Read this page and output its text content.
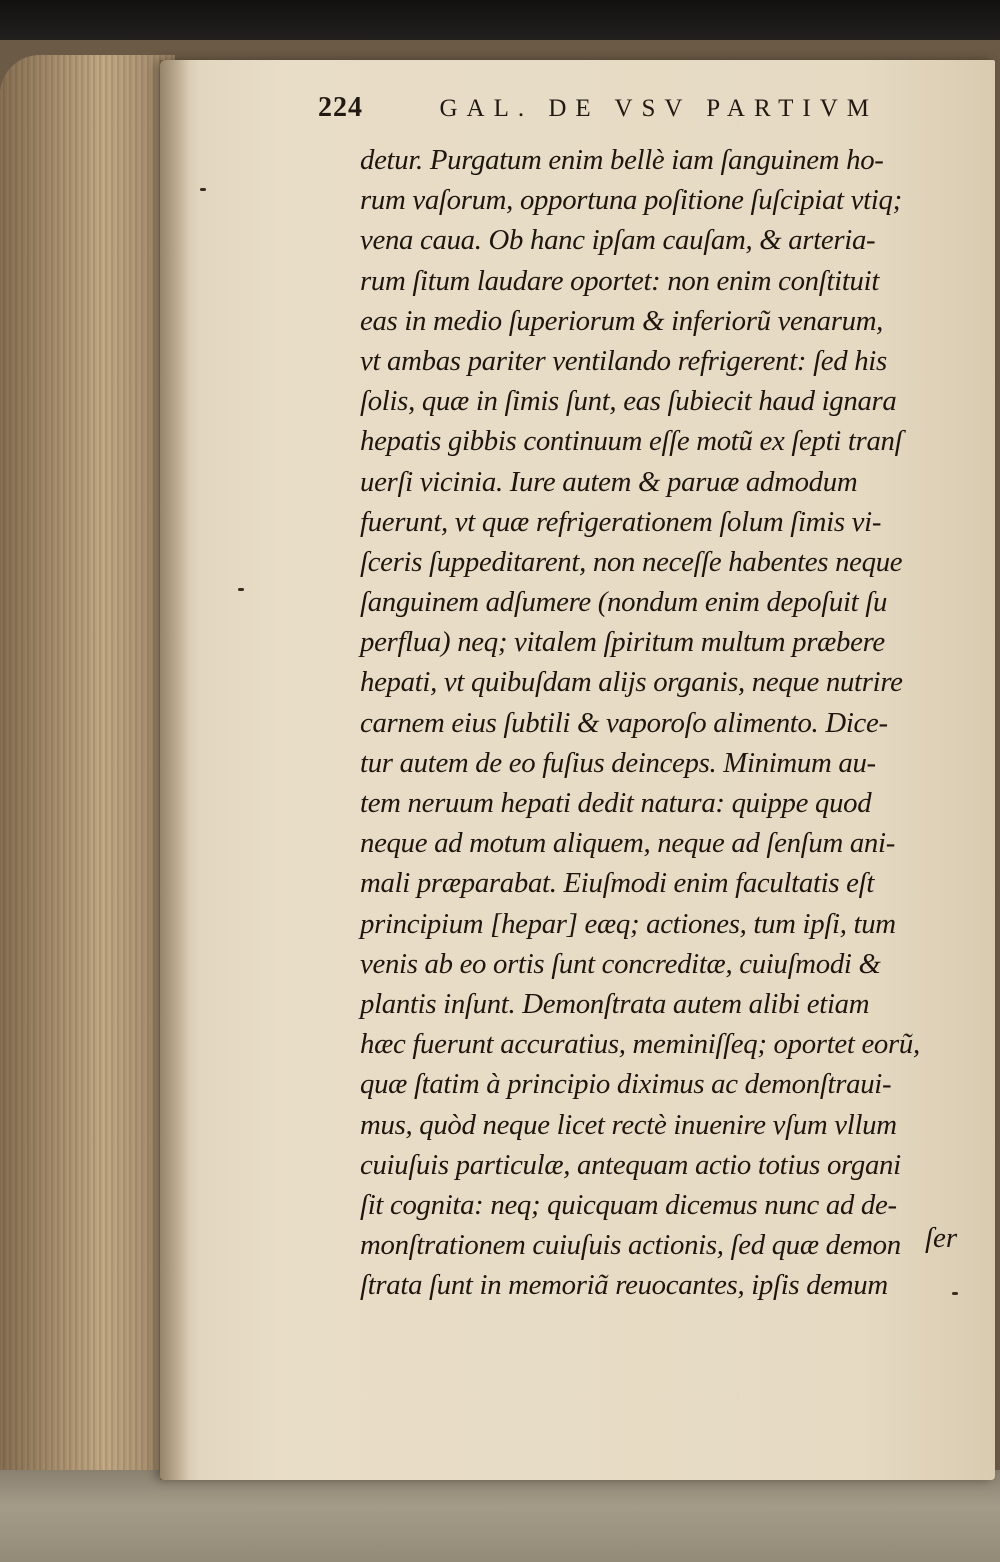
224	GAL. DE VSV PARTIVM
detur. Purgatum enim bellè iam ſanguinem ho-
rum vaſorum, opportuna poſitione ſuſcipiat vtiq;
vena caua. Ob hanc ipſam cauſam, & arteria-
rum ſitum laudare oportet: non enim conſtituit
eas in medio ſuperiorum & inferiorũ venarum,
vt ambas pariter ventilando refrigerent: ſed his
ſolis, quæ in ſimis ſunt, eas ſubiecit haud ignara
hepatis gibbis continuum eſſe motũ ex ſepti tranſ
uerſi vicinia. Iure autem & paruæ admodum
fuerunt, vt quæ refrigerationem ſolum ſimis vi-
ſceris ſuppeditarent, non neceſſe habentes neque
ſanguinem adſumere (nondum enim depoſuit ſu
perflua) neq; vitalem ſpiritum multum præbere
hepati, vt quibuſdam aliјs organis, neque nutrire
carnem eius ſubtili & vaporoſo alimento. Dice-
tur autem de eo fuſius deinceps. Minimum au-
tem neruum hepati dedit natura: quippe quod
neque ad motum aliquem, neque ad ſenſum ani-
mali præparabat. Eiuſmodi enim facultatis eſt
principium [hepar] eæq; actiones, tum ipſi, tum
venis ab eo ortis ſunt concreditæ, cuiuſmodi &
plantis inſunt. Demonſtrata autem alibi etiam
hæc fuerunt accuratius, meminiſſeq; oportet eorũ,
quæ ſtatim à principio diximus ac demonſtraui-
mus, quòd neque licet rectè inuenire vſum vllum
cuiuſuis particulæ, antequam actio totius organi
ſit cognita: neq; quicquam dicemus nunc ad de-
monſtrationem cuiuſuis actionis, ſed quæ demon
ſtrata ſunt in memoriã reuocantes, ipſis demum
ſer
